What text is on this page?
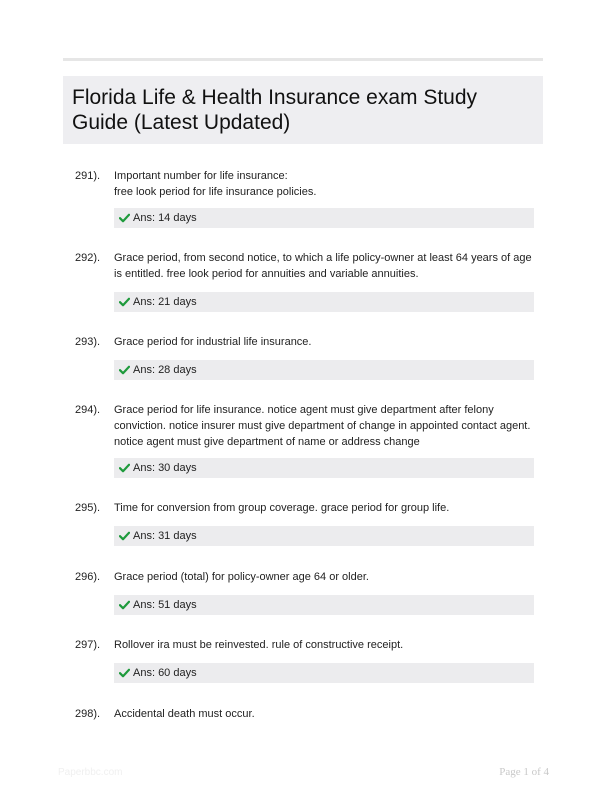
Florida Life & Health Insurance exam Study Guide (Latest Updated)
291). Important number for life insurance:
free look period for life insurance policies.

Ans: 14 days
292). Grace period, from second notice, to which a life policy-owner at least 64 years of age is entitled. free look period for annuities and variable annuities.

Ans: 21 days
293). Grace period for industrial life insurance.

Ans: 28 days
294). Grace period for life insurance. notice agent must give department after felony conviction. notice insurer must give department of change in appointed contact agent. notice agent must give department of name or address change

Ans: 30 days
295). Time for conversion from group coverage. grace period for group life.

Ans: 31 days
296). Grace period (total) for policy-owner age 64 or older.

Ans: 51 days
297). Rollover ira must be reinvested. rule of constructive receipt.

Ans: 60 days
298). Accidental death must occur.

Paperbbc.com	Page 1 of 4
